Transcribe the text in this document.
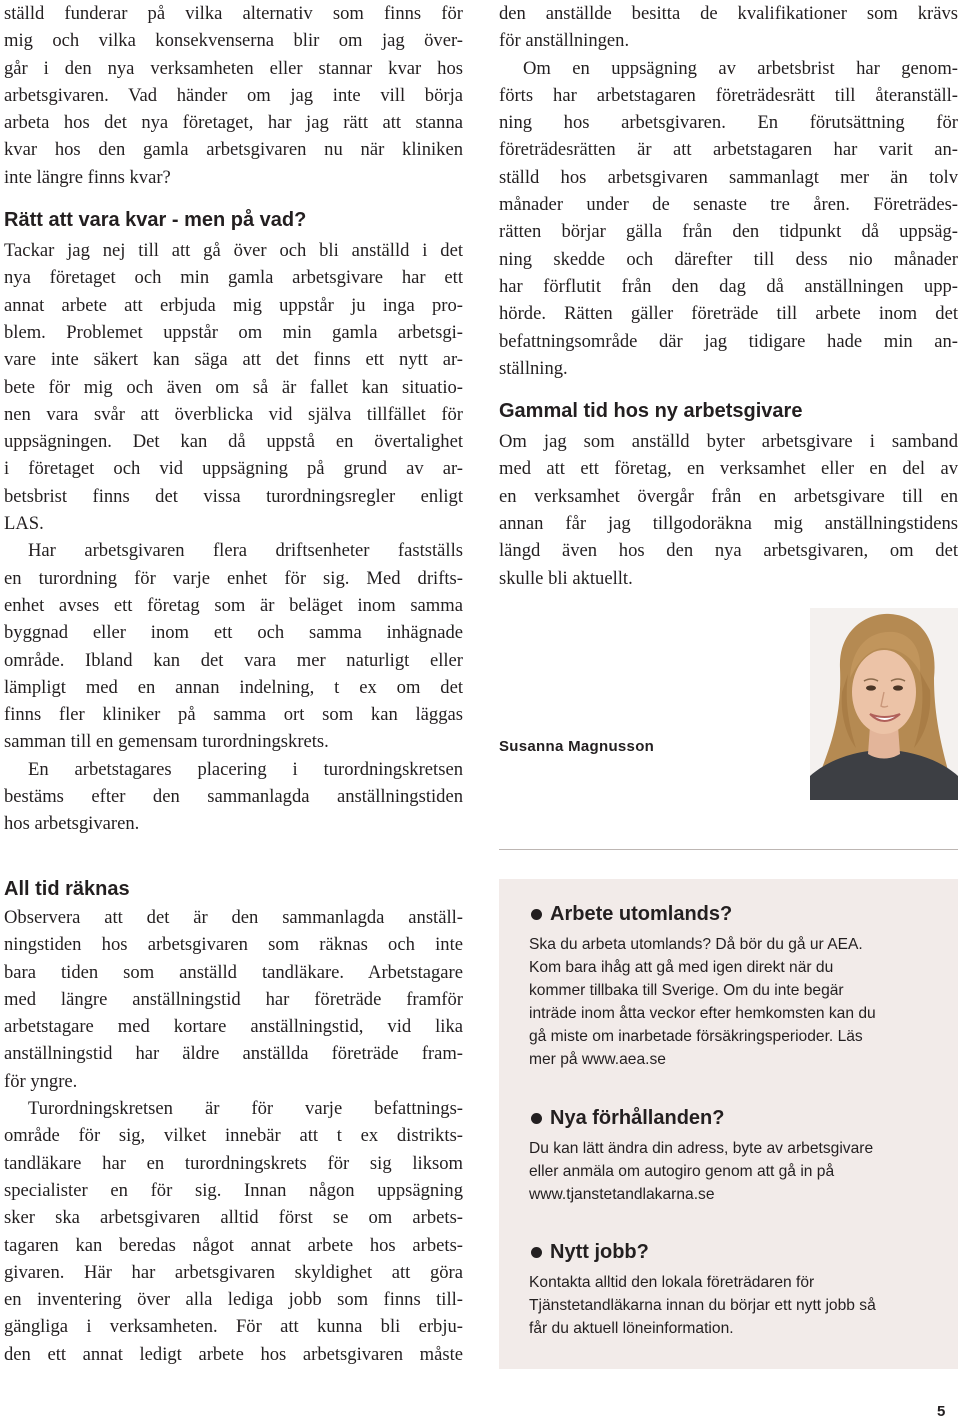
ställd funderar på vilka alternativ som finns för
mig och vilka konsekvenserna blir om jag över-
går i den nya verksamheten eller stannar kvar hos
arbetsgivaren. Vad händer om jag inte vill börja
arbeta hos det nya företaget, har jag rätt att stanna
kvar hos den gamla arbetsgivaren nu när kliniken
inte längre finns kvar?

Rätt att vara kvar - men på vad?

Tackar jag nej till att gå över och bli anställd i det
nya företaget och min gamla arbetsgivare har ett
annat arbete att erbjuda mig uppstår ju inga pro-
blem. Problemet uppstår om min gamla arbetsgi-
vare inte säkert kan säga att det finns ett nytt ar-
bete för mig och även om så är fallet kan situatio-
nen vara svår att överblicka vid själva tillfället för
uppsägningen. Det kan då uppstå en övertalighet
i företaget och vid uppsägning på grund av ar-
betsbrist finns det vissa turordningsregler enligt
LAS.

Har arbetsgivaren flera driftsenheter fastställs
en turordning för varje enhet för sig. Med drifts-
enhet avses ett företag som är beläget inom samma
byggnad eller inom ett och samma inhägnade
område. Ibland kan det vara mer naturligt eller
lämpligt med en annan indelning, t ex om det
finns fler kliniker på samma ort som kan läggas
samman till en gemensam turordningskrets.

En arbetstagares placering i turordningskretsen
bestäms efter den sammanlagda anställningstiden
hos arbetsgivaren.

All tid räknas

Observera att det är den sammanlagda anställ-
ningstiden hos arbetsgivaren som räknas och inte
bara tiden som anställd tandläkare. Arbetstagare
med längre anställningstid har företräde framför
arbetstagare med kortare anställningstid, vid lika
anställningstid har äldre anställda företräde fram-
för yngre.

Turordningskretsen är för varje befattnings-
område för sig, vilket innebär att t ex distrikts-
tandläkare har en turordningskrets för sig liksom
specialister en för sig. Innan någon uppsägning
sker ska arbetsgivaren alltid först se om arbets-
tagaren kan beredas något annat arbete hos arbets-
givaren. Här har arbetsgivaren skyldighet att göra
en inventering över alla lediga jobb som finns till-
gängliga i verksamheten. För att kunna bli erbju-
den ett annat ledigt arbete hos arbetsgivaren måste

den anställde besitta de kvalifikationer som krävs
för anställningen.

Om en uppsägning av arbetsbrist har genom-
förts har arbetstagaren företrädesrätt till återanställ-
ning hos arbetsgivaren. En förutsättning för
företrädesrätten är att arbetstagaren har varit an-
ställd hos arbetsgivaren sammanlagt mer än tolv
månader under de senaste tre åren. Företrädes-
rätten börjar gälla från den tidpunkt då uppsäg-
ning skedde och därefter till dess nio månader
har förflutit från den dag då anställningen upp-
hörde. Rätten gäller företräde till arbete inom det
befattningsområde där jag tidigare hade min an-
ställning.

Gammal tid hos ny arbetsgivare

Om jag som anställd byter arbetsgivare i samband
med att ett företag, en verksamhet eller en del av
en verksamhet övergår från en arbetsgivare till en
annan får jag tillgodoräkna mig anställningstidens
längd även hos den nya arbetsgivaren, om det
skulle bli aktuellt.

Susanna Magnusson
Arbete utomlands?
Ska du arbeta utomlands? Då bör du gå ur AEA.
Kom bara ihåg att gå med igen direkt när du
kommer tillbaka till Sverige. Om du inte begär
inträde inom åtta veckor efter hemkomsten kan du
gå miste om inarbetade försäkringsperioder. Läs
mer på www.aea.se
Nya förhållanden?
Du kan lätt ändra din adress, byte av arbetsgivare
eller anmäla om autogiro genom att gå in på
www.tjanstetandlakarna.se
Nytt jobb?
Kontakta alltid den lokala företrädaren för
Tjänstetandläkarna innan du börjar ett nytt jobb så
får du aktuell löneinformation.
5
